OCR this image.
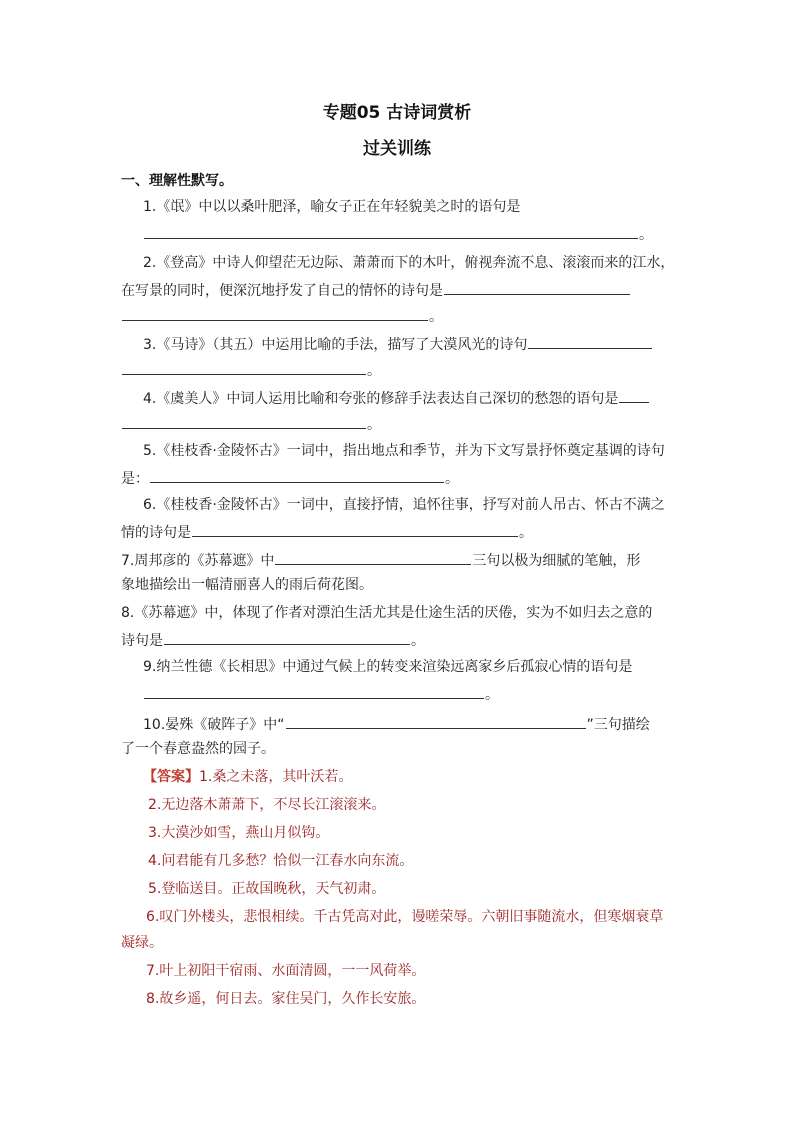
专题05 古诗词赏析
过关训练
一、理解性默写。
1.《氓》中以以桑叶肥泽，喻女子正在年轻貌美之时的语句是
。
2.《登高》中诗人仰望茫无边际、萧萧而下的木叶，俯视奔流不息、滚滚而来的江水，
在写景的同时，便深沉地抒发了自己的情怀的诗句是
。
3.《马诗》（其五）中运用比喻的手法，描写了大漠风光的诗句
。
4.《虞美人》中词人运用比喻和夸张的修辞手法表达自己深切的愁怨的语句是
。
5.《桂枝香·金陵怀古》一词中，指出地点和季节，并为下文写景抒怀奠定基调的诗句
是：	。
6.《桂枝香·金陵怀古》一词中，直接抒情，追怀往事，抒写对前人吊古、怀古不满之
情的诗句是	。
7.周邦彦的《苏幕遮》中	三句以极为细腻的笔触，形
象地描绘出一幅清丽喜人的雨后荷花图。
8.《苏幕遮》中，体现了作者对漂泊生活尤其是仕途生活的厌倦，实为不如归去之意的
诗句是	。
9.纳兰性德《长相思》中通过气候上的转变来渲染远离家乡后孤寂心情的语句是
。
10.晏殊《破阵子》中“	”三句描绘
了一个春意盎然的园子。
【答案】1.桑之未落，其叶沃若。
2.无边落木萧萧下，不尽长江滚滚来。
3.大漠沙如雪，燕山月似钩。
4.问君能有几多愁？恰似一江春水向东流。
5.登临送目。正故国晚秋，天气初肃。
6.叹门外楼头，悲恨相续。千古凭高对此，谩嗟荣辱。六朝旧事随流水，但寒烟衰草
凝绿。
7.叶上初阳干宿雨、水面清圆，一一风荷举。
8.故乡遥，何日去。家住吴门，久作长安旅。
